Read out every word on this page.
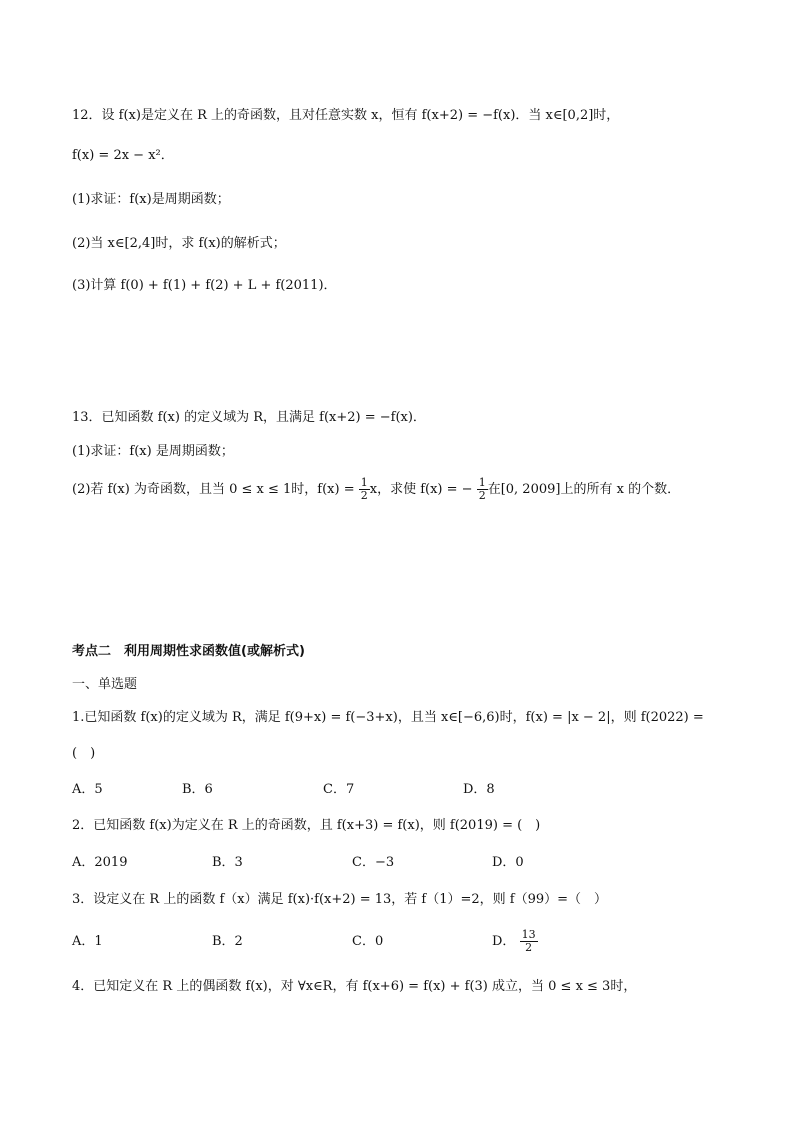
12．设 f(x)是定义在 R 上的奇函数，且对任意实数 x，恒有 f(x+2) = −f(x)．当 x∈[0,2]时，
f(x) = 2x − x²．
(1)求证：f(x)是周期函数；
(2)当 x∈[2,4]时，求 f(x)的解析式；
(3)计算 f(0) + f(1) + f(2) + L + f(2011)．
13．已知函数 f(x) 的定义域为 R，且满足 f(x+2) = −f(x)．
(1)求证：f(x) 是周期函数；
(2)若 f(x) 为奇函数，且当 0 ≤ x ≤ 1时，$f(x) = \frac{1}{2}$ x，求使 f(x) = − $\frac{1}{2}$ 在[0, 2009]上的所有 x 的个数．
考点二　利用周期性求函数值(或解析式)
一、单选题
1.已知函数 f(x)的定义域为 R，满足 f(9+x) = f(−3+x)，且当 x∈[−6,6)时，f(x) = |x − 2|，则 f(2022) =
(　)
A．5	B．6	C．7	D．8
2．已知函数 f(x)为定义在 R 上的奇函数，且 f(x+3) = f(x)，则 f(2019) = (　)
A．2019	B．3	C．−3	D．0
3．设定义在 R 上的函数 f（x）满足 f(x)·f(x+2) = 13，若 f（1）=2，则 f（99）=（　）
A．1	B．2	C．0	D． $\frac{13}{2}$
4．已知定义在 R 上的偶函数 f(x)，对 ∀x∈R，有 f(x+6) = f(x) + f(3) 成立，当 0 ≤ x ≤ 3时，
